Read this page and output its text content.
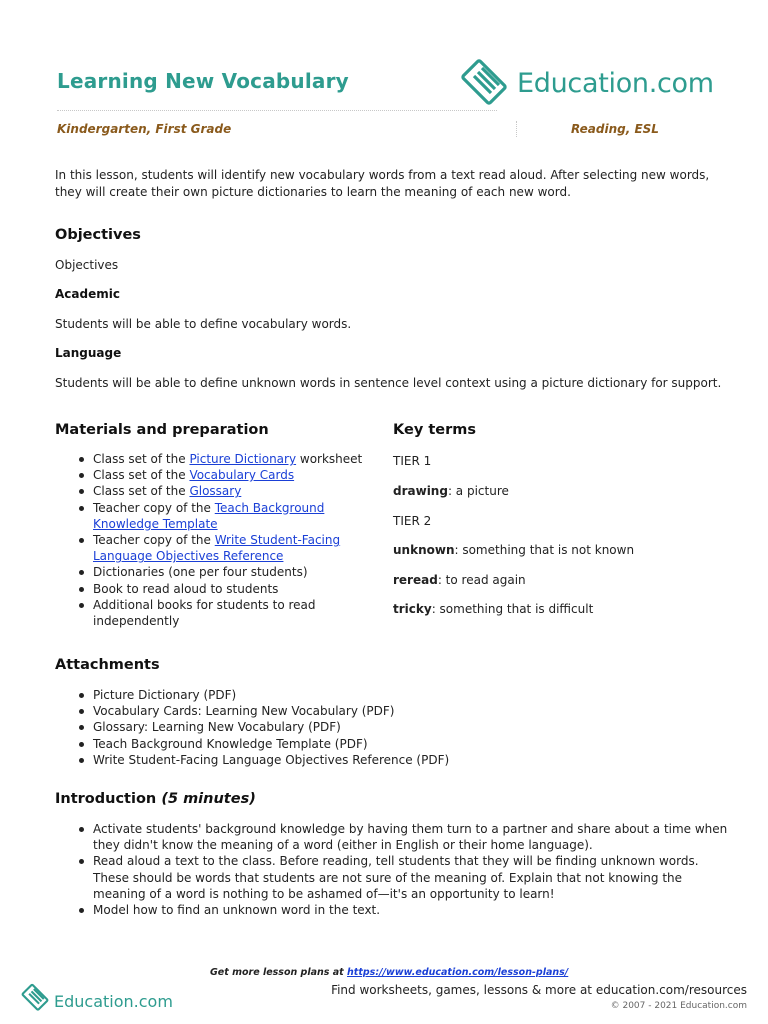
Learning New Vocabulary	Education.com
Kindergarten, First Grade	Reading, ESL
In this lesson, students will identify new vocabulary words from a text read aloud. After selecting new words,
they will create their own picture dictionaries to learn the meaning of each new word.
Objectives
Objectives
Academic
Students will be able to define vocabulary words.
Language
Students will be able to define unknown words in sentence level context using a picture dictionary for support.
Materials and preparation
Class set of the Picture Dictionary worksheet
Class set of the Vocabulary Cards
Class set of the Glossary
Teacher copy of the Teach Background
Knowledge Template
Teacher copy of the Write Student-Facing
Language Objectives Reference
Dictionaries (one per four students)
Book to read aloud to students
Additional books for students to read
independently
Key terms
TIER 1
drawing: a picture
TIER 2
unknown: something that is not known
reread: to read again
tricky: something that is difficult
Attachments
Picture Dictionary (PDF)
Vocabulary Cards: Learning New Vocabulary (PDF)
Glossary: Learning New Vocabulary (PDF)
Teach Background Knowledge Template (PDF)
Write Student-Facing Language Objectives Reference (PDF)
Introduction (5 minutes)
Activate students' background knowledge by having them turn to a partner and share about a time when
they didn't know the meaning of a word (either in English or their home language).
Read aloud a text to the class. Before reading, tell students that they will be finding unknown words.
These should be words that students are not sure of the meaning of. Explain that not knowing the
meaning of a word is nothing to be ashamed of—it's an opportunity to learn!
Model how to find an unknown word in the text.
Get more lesson plans at https://www.education.com/lesson-plans/
Education.com
Find worksheets, games, lessons & more at education.com/resources
© 2007 - 2021 Education.com
